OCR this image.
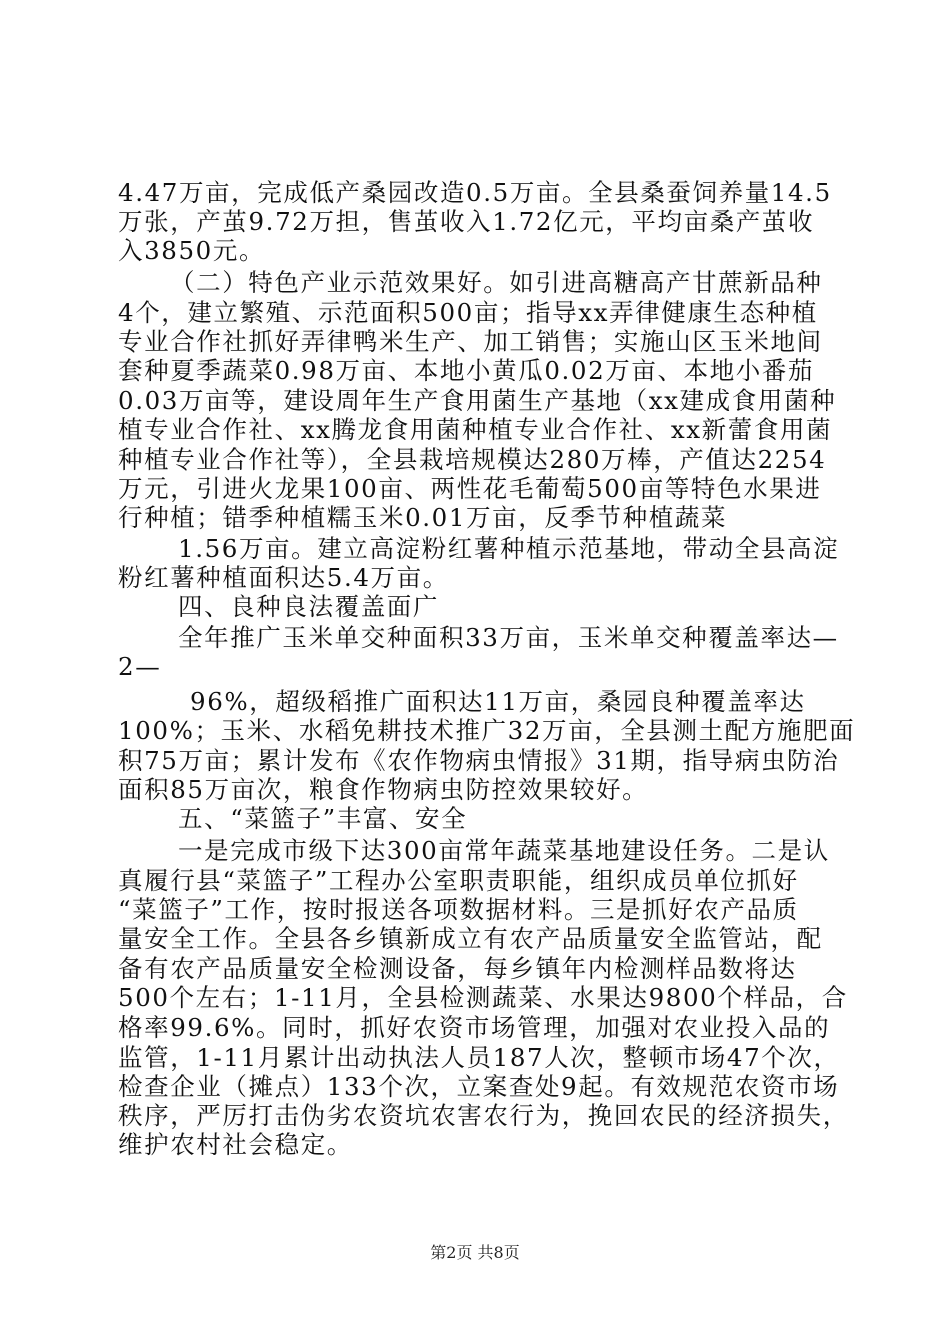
4.47万亩，完成低产桑园改造0.5万亩。全县桑蚕饲养量14.5
万张，产茧9.72万担，售茧收入1.72亿元，平均亩桑产茧收
入3850元。
（二）特色产业示范效果好。如引进高糖高产甘蔗新品种
4个，建立繁殖、示范面积500亩；指导xx弄律健康生态种植
专业合作社抓好弄律鸭米生产、加工销售；实施山区玉米地间
套种夏季蔬菜0.98万亩、本地小黄瓜0.02万亩、本地小番茄
0.03万亩等，建设周年生产食用菌生产基地（xx建成食用菌种
植专业合作社、xx腾龙食用菌种植专业合作社、xx新蕾食用菌
种植专业合作社等），全县栽培规模达280万棒，产值达2254
万元，引进火龙果100亩、两性花毛葡萄500亩等特色水果进
行种植；错季种植糯玉米0.01万亩，反季节种植蔬菜
1.56万亩。建立高淀粉红薯种植示范基地，带动全县高淀
粉红薯种植面积达5.4万亩。
四、良种良法覆盖面广
全年推广玉米单交种面积33万亩，玉米单交种覆盖率达—
2—
96%，超级稻推广面积达11万亩，桑园良种覆盖率达
100%；玉米、水稻免耕技术推广32万亩，全县测土配方施肥面
积75万亩；累计发布《农作物病虫情报》31期，指导病虫防治
面积85万亩次，粮食作物病虫防控效果较好。
五、“菜篮子”丰富、安全
一是完成市级下达300亩常年蔬菜基地建设任务。二是认
真履行县“菜篮子”工程办公室职责职能，组织成员单位抓好
“菜篮子”工作，按时报送各项数据材料。三是抓好农产品质
量安全工作。全县各乡镇新成立有农产品质量安全监管站，配
备有农产品质量安全检测设备，每乡镇年内检测样品数将达
500个左右；1-11月，全县检测蔬菜、水果达9800个样品，合
格率99.6%。同时，抓好农资市场管理，加强对农业投入品的
监管，1-11月累计出动执法人员187人次，整顿市场47个次，
检查企业（摊点）133个次，立案查处9起。有效规范农资市场
秩序，严厉打击伪劣农资坑农害农行为，挽回农民的经济损失，
维护农村社会稳定。
第2页 共8页
